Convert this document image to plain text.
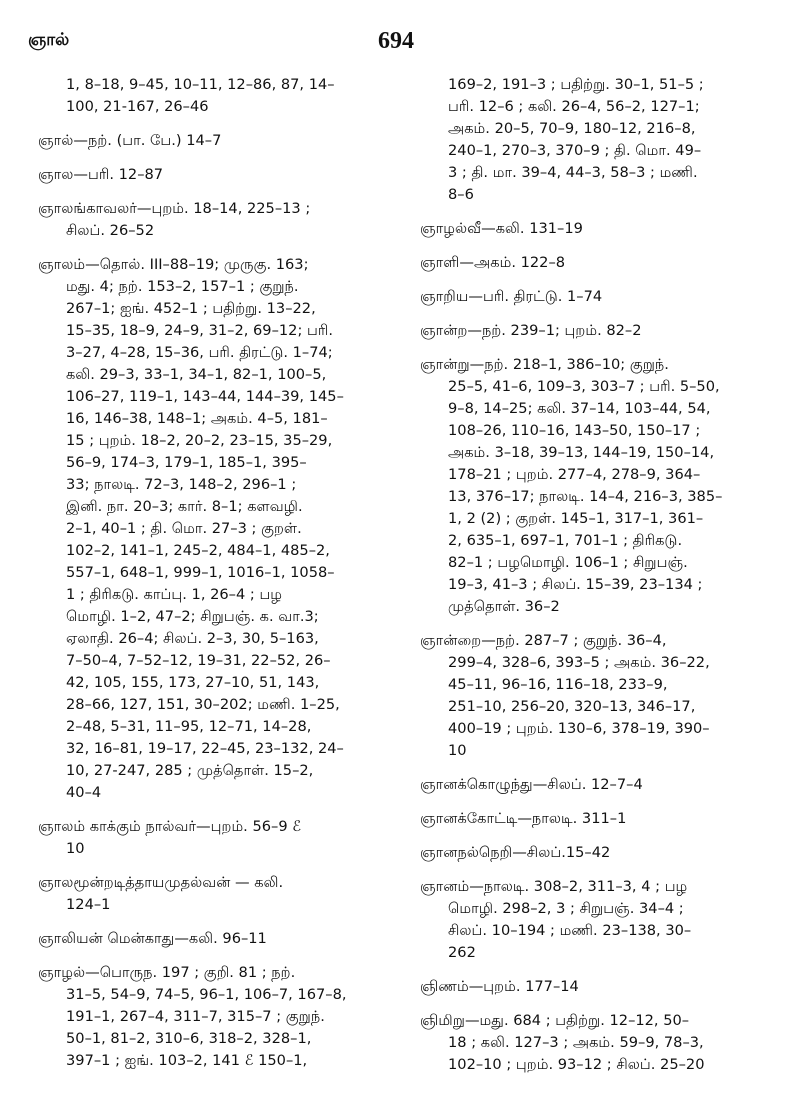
ஞால்	694
1, 8–18, 9–45, 10–11, 12–86, 87, 14–
100, 21-167, 26–46
ஞால்—நற். (பா. பே.) 14–7
ஞால—பரி. 12–87
ஞாலங்காவலர்—புறம். 18–14, 225–13 ;
சிலப். 26–52
ஞாலம்—தொல். III–88–19; முருகு. 163;
மது. 4; நற். 153–2, 157–1 ; குறுந்.
267–1; ஐங். 452–1 ; பதிற்று. 13–22,
15–35, 18–9, 24–9, 31–2, 69–12; பரி.
3–27, 4–28, 15–36, பரி. திரட்டு. 1–74;
கலி. 29–3, 33–1, 34–1, 82–1, 100–5,
106–27, 119–1, 143–44, 144–39, 145–
16, 146–38, 148–1; அகம். 4–5, 181–
15 ; புறம். 18–2, 20–2, 23–15, 35–29,
56–9, 174–3, 179–1, 185–1, 395–
33; நாலடி. 72–3, 148–2, 296–1 ;
இனி. நா. 20–3; கார். 8–1; களவழி.
2–1, 40–1 ; தி. மொ. 27–3 ; குறள்.
102–2, 141–1, 245–2, 484–1, 485–2,
557–1, 648–1, 999–1, 1016–1, 1058–
1 ; திரிகடு. காப்பு. 1, 26–4 ; பழ
மொழி. 1–2, 47–2; சிறுபஞ். க. வா.3;
ஏலாதி. 26–4; சிலப். 2–3, 30, 5–163,
7–50–4, 7–52–12, 19–31, 22–52, 26–
42, 105, 155, 173, 27–10, 51, 143,
28–66, 127, 151, 30–202; மணி. 1–25,
2–48, 5–31, 11–95, 12–71, 14–28,
32, 16–81, 19–17, 22–45, 23–132, 24–
10, 27-247, 285 ; முத்தொள். 15–2,
40–4
ஞாலம் காக்கும் நால்வர்—புறம். 56–9 ℰ
10
ஞாலமூன்றடித்தாயமுதல்வன் — கலி.
124–1
ஞாலியன் மென்காது—கலி. 96–11
ஞாழல்—பொருந. 197 ; குறி. 81 ; நற்.
31–5, 54–9, 74–5, 96–1, 106–7, 167–8,
191–1, 267–4, 311–7, 315–7 ; குறுந்.
50–1, 81–2, 310–6, 318–2, 328–1,
397–1 ; ஐங். 103–2, 141 ℰ 150–1,
169–2, 191–3 ; பதிற்று. 30–1, 51–5 ;
பரி. 12–6 ; கலி. 26–4, 56–2, 127–1;
அகம். 20–5, 70–9, 180–12, 216–8,
240–1, 270–3, 370–9 ; தி. மொ. 49–
3 ; தி. மா. 39–4, 44–3, 58–3 ; மணி.
8–6
ஞாழல்வீ—கலி. 131–19
ஞாளி—அகம். 122–8
ஞாறிய—பரி. திரட்டு. 1–74
ஞான்ற—நற். 239–1; புறம். 82–2
ஞான்று—நற். 218–1, 386–10; குறுந்.
25–5, 41–6, 109–3, 303–7 ; பரி. 5–50,
9–8, 14–25; கலி. 37–14, 103–44, 54,
108–26, 110–16, 143–50, 150–17 ;
அகம். 3–18, 39–13, 144–19, 150–14,
178–21 ; புறம். 277–4, 278–9, 364–
13, 376–17; நாலடி. 14–4, 216–3, 385–
1, 2 (2) ; குறள். 145–1, 317–1, 361–
2, 635–1, 697–1, 701–1 ; திரிகடு.
82–1 ; பழமொழி. 106–1 ; சிறுபஞ்.
19–3, 41–3 ; சிலப். 15–39, 23–134 ;
முத்தொள். 36–2
ஞான்றை—நற். 287–7 ; குறுந். 36–4,
299–4, 328–6, 393–5 ; அகம். 36–22,
45–11, 96–16, 116–18, 233–9,
251–10, 256–20, 320–13, 346–17,
400–19 ; புறம். 130–6, 378–19, 390–
10
ஞானக்கொழுந்து—சிலப். 12–7–4
ஞானக்கோட்டி—நாலடி. 311–1
ஞானநல்நெறி—சிலப்.15–42
ஞானம்—நாலடி. 308–2, 311–3, 4 ; பழ
மொழி. 298–2, 3 ; சிறுபஞ். 34–4 ;
சிலப். 10–194 ; மணி. 23–138, 30–
262
ஞிணம்—புறம். 177–14
ஞிமிறு—மது. 684 ; பதிற்று. 12–12, 50–
18 ; கலி. 127–3 ; அகம். 59–9, 78–3,
102–10 ; புறம். 93–12 ; சிலப். 25–20
